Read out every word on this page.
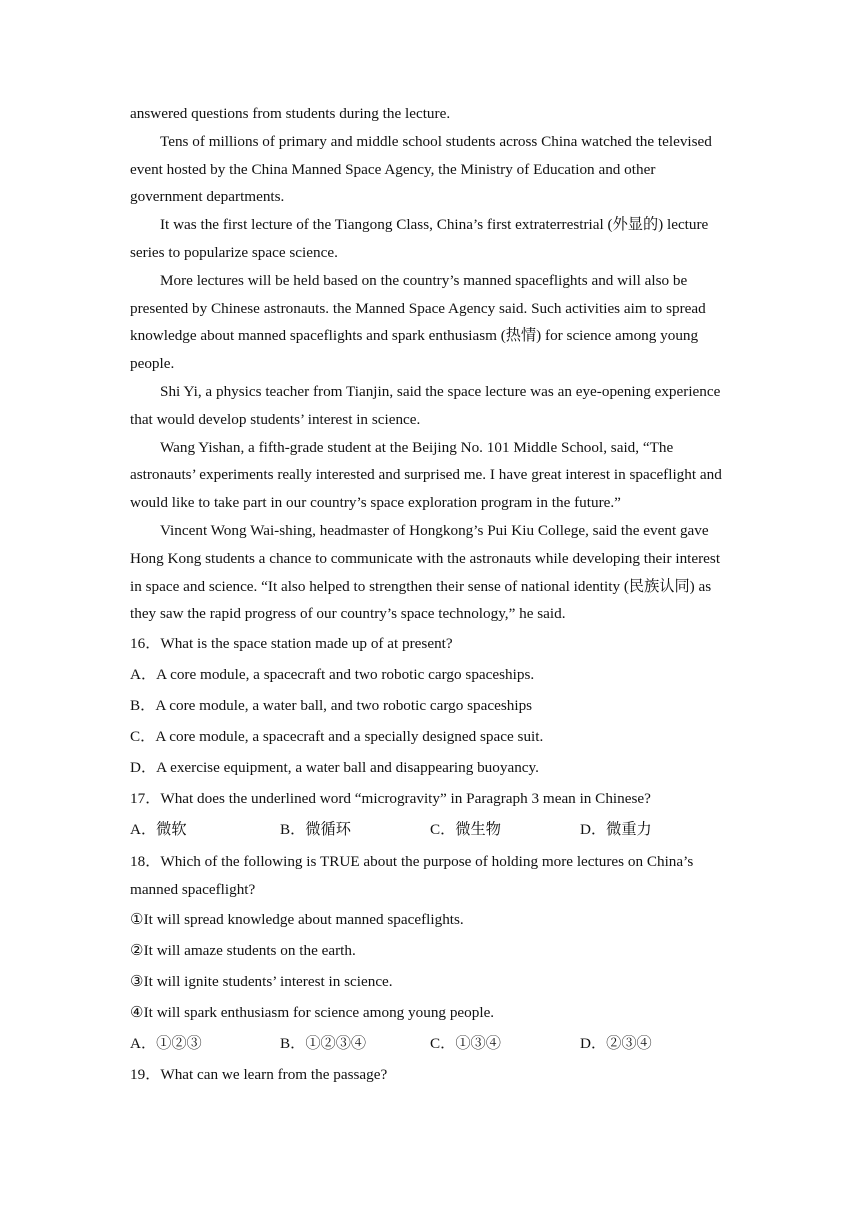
answered questions from students during the lecture.

Tens of millions of primary and middle school students across China watched the televised event hosted by the China Manned Space Agency, the Ministry of Education and other government departments.

It was the first lecture of the Tiangong Class, China’s first extraterrestrial (外显的) lecture series to popularize space science.

More lectures will be held based on the country’s manned spaceflights and will also be presented by Chinese astronauts. the Manned Space Agency said. Such activities aim to spread knowledge about manned spaceflights and spark enthusiasm (热情) for science among young people.

Shi Yi, a physics teacher from Tianjin, said the space lecture was an eye-opening experience that would develop students’ interest in science.

Wang Yishan, a fifth-grade student at the Beijing No. 101 Middle School, said, “The astronauts’ experiments really interested and surprised me. I have great interest in spaceflight and would like to take part in our country’s space exploration program in the future.”

Vincent Wong Wai-shing, headmaster of Hongkong’s Pui Kiu College, said the event gave Hong Kong students a chance to communicate with the astronauts while developing their interest in space and science. “It also helped to strengthen their sense of national identity (民族认同) as they saw the rapid progress of our country’s space technology,” he said.

16．What is the space station made up of at present?

A．A core module, a spacecraft and two robotic cargo spaceships.

B．A core module, a water ball, and two robotic cargo spaceships

C．A core module, a spacecraft and a specially designed space suit.

D．A exercise equipment, a water ball and disappearing buoyancy.

17．What does the underlined word “microgravity” in Paragraph 3 mean in Chinese?

A．微软	B．微循环	C．微生物	D．微重力

18．Which of the following is TRUE about the purpose of holding more lectures on China’s manned spaceflight?

①It will spread knowledge about manned spaceflights.

②It will amaze students on the earth.

③It will ignite students’ interest in science.

④It will spark enthusiasm for science among young people.

A．①②③	B．①②③④	C．①③④	D．②③④

19．What can we learn from the passage?
